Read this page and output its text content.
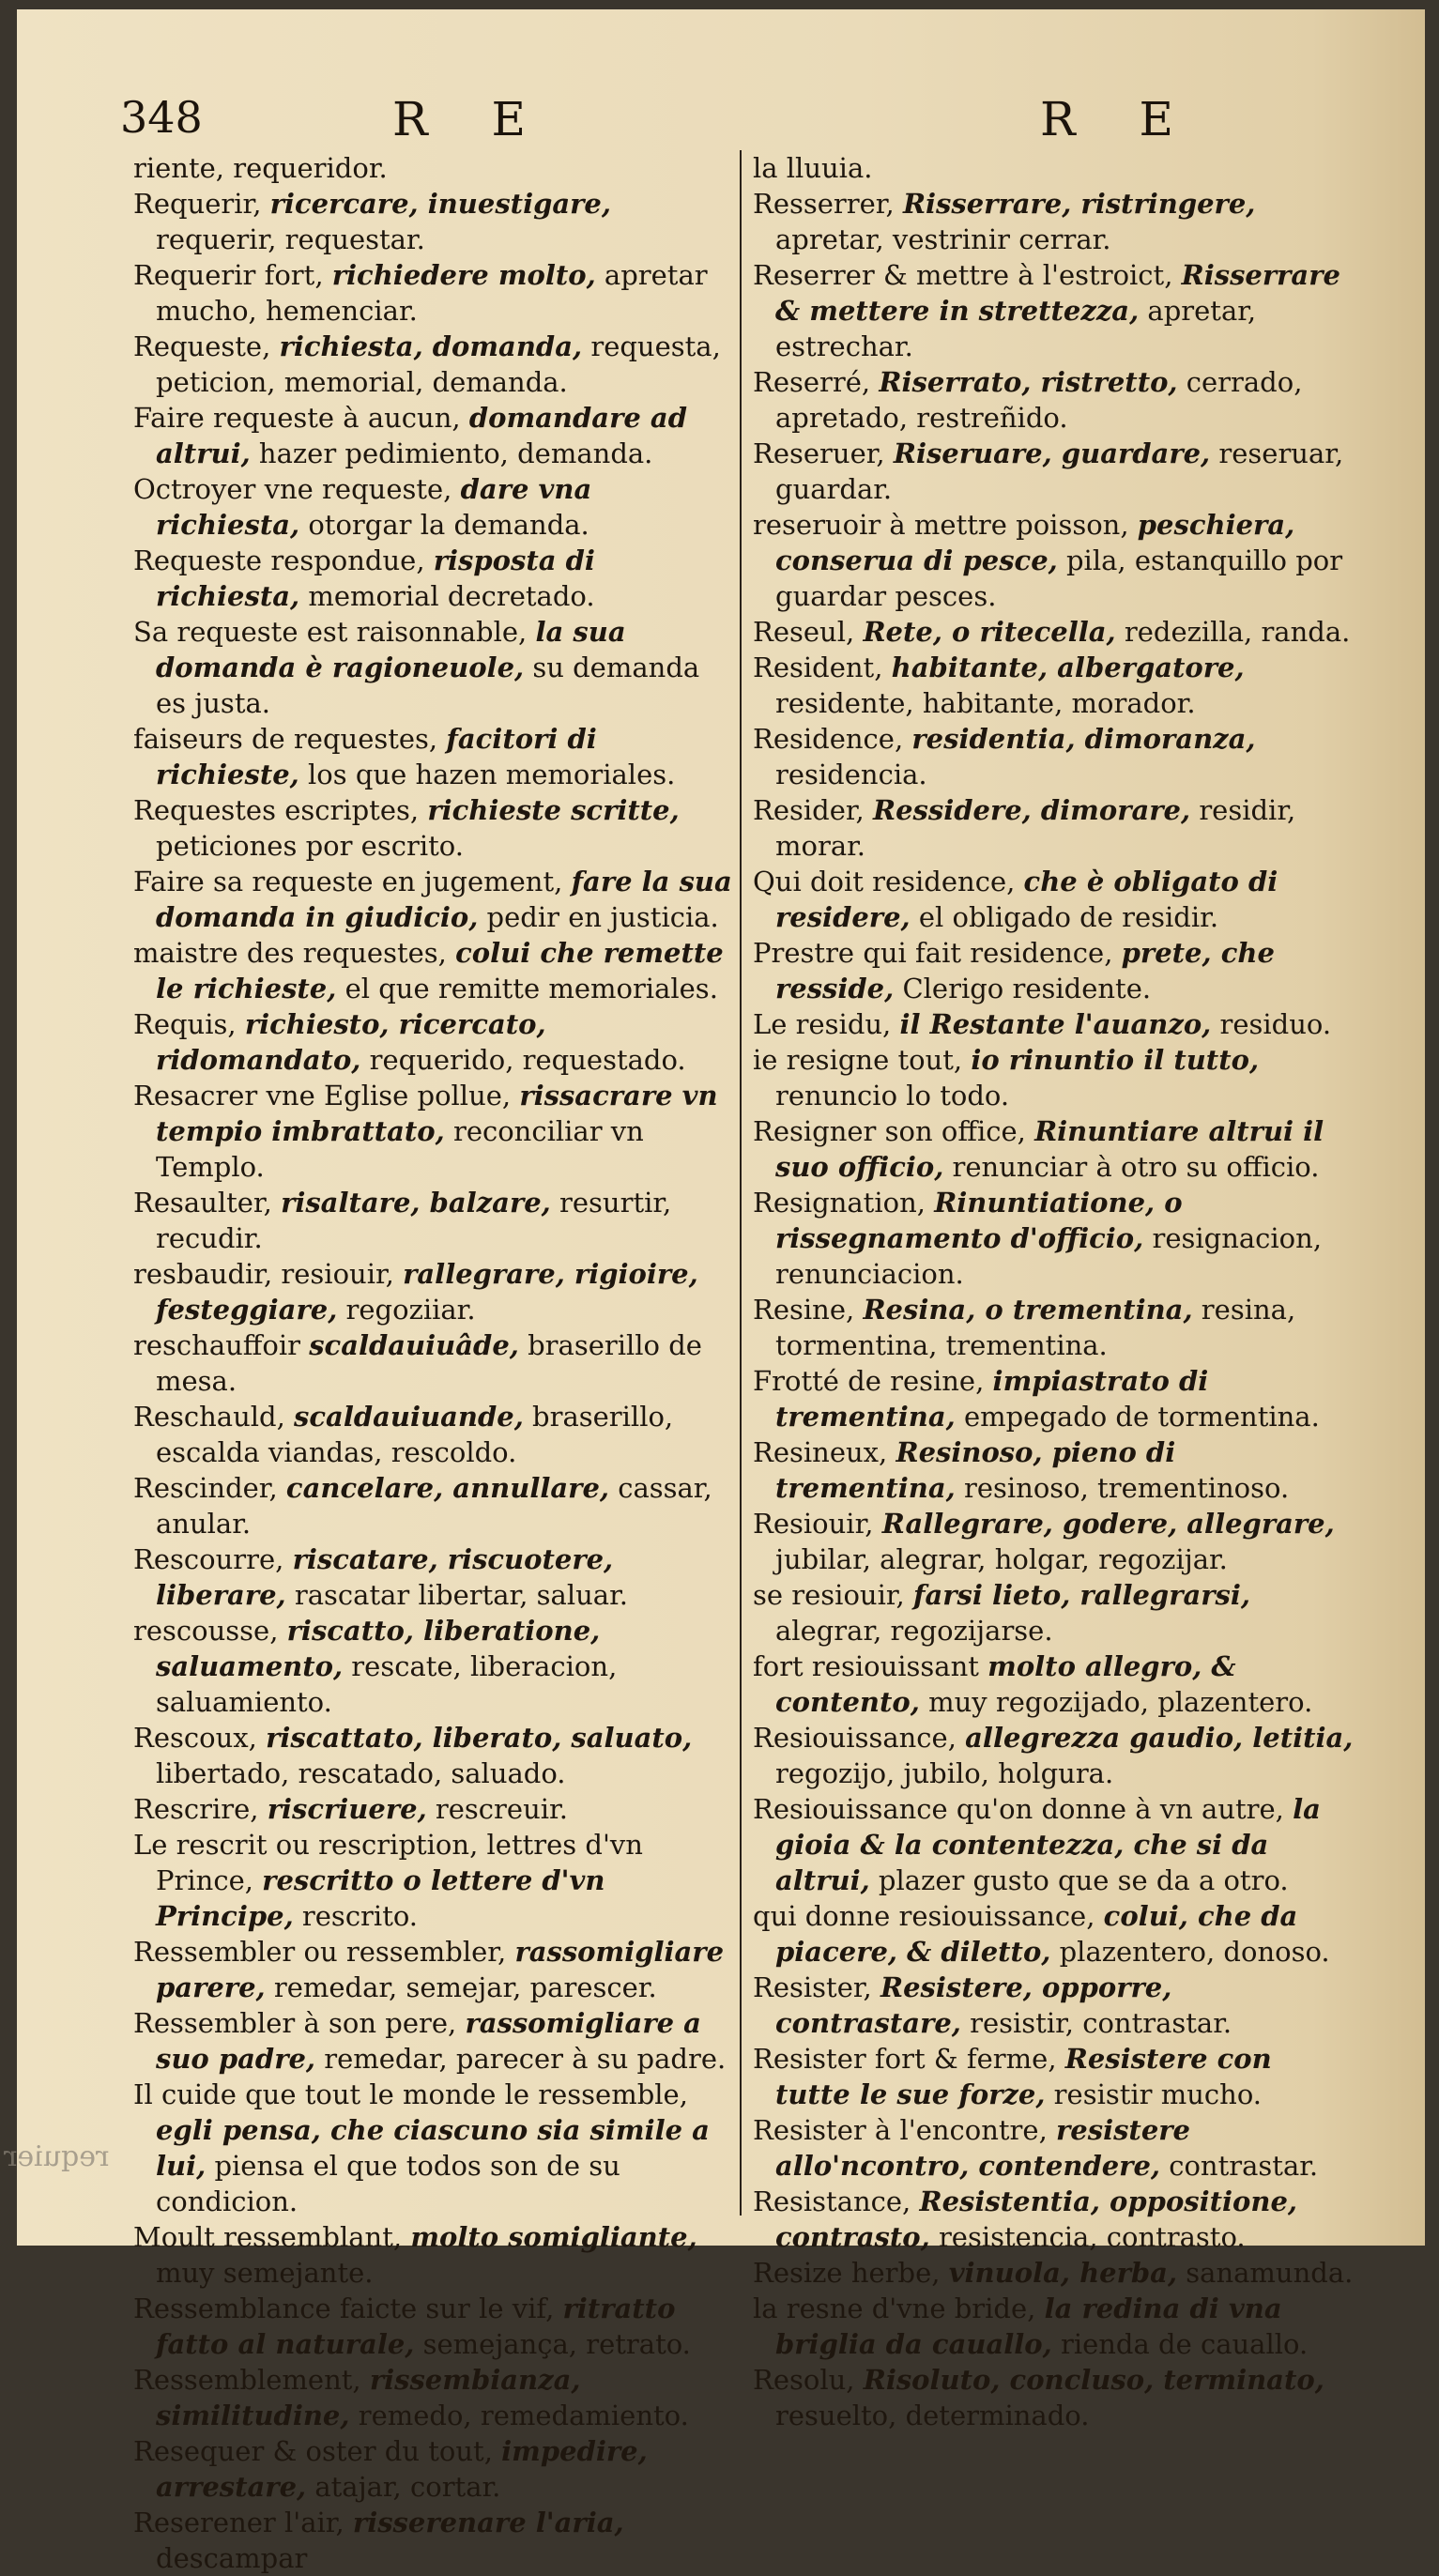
348	R E	R E

riente, requeridor.

Requerir, ricercare, inuestigare, requerir, requestar.

Requerir fort, richiedere molto, apretar mucho, hemenciar.

Requeste, richiesta, domanda, requesta, peticion, memorial, demanda.

Faire requeste à aucun, domandare ad altrui, hazer pedimiento, demanda.

Octroyer vne requeste, dare vna richiesta, otorgar la demanda.

Requeste respondue, risposta di richiesta, memorial decretado.

Sa requeste est raisonnable, la sua domanda è ragioneuole, su demanda es justa.

faiseurs de requestes, facitori di richieste, los que hazen memoriales.

Requestes escriptes, richieste scritte, peticiones por escrito.

Faire sa requeste en jugement, fare la sua domanda in giudicio, pedir en justicia.

maistre des requestes, colui che remette le richieste, el que remitte memoriales.

Requis, richiesto, ricercato, ridomandato, requerido, requestado.

Resacrer vne Eglise pollue, rissacrare vn tempio imbrattato, reconciliar vn Templo.

Resaulter, risaltare, balzare, resurtir, recudir.

resbaudir, resiouir, rallegrare, rigioire, festeggiare, regoziiar.

reschauffoir scaldauiuâde, braserillo de mesa.

Reschauld, scaldauiuande, braserillo, escalda viandas, rescoldo.

Rescinder, cancelare, annullare, cassar, anular.

Rescourre, riscatare, riscuotere, liberare, rascatar libertar, saluar.

rescousse, riscatto, liberatione, saluamento, rescate, liberacion, saluamiento.

Rescoux, riscattato, liberato, saluato, libertado, rescatado, saluado.

Rescrire, riscriuere, rescreuir.

Le rescrit ou rescription, lettres d'vn Prince, rescritto o lettere d'vn Principe, rescrito.

Ressembler ou ressembler, rassomigliare parere, remedar, semejar, parescer.

Ressembler à son pere, rassomigliare a suo padre, remedar, parecer à su padre.

Il cuide que tout le monde le ressemble, egli pensa, che ciascuno sia simile a lui, piensa el que todos son de su condicion.

Moult ressemblant, molto somigliante, muy semejante.

Ressemblance faicte sur le vif, ritratto fatto al naturale, semejança, retrato.

Ressemblement, rissembianza, similitudine, remedo, remedamiento.

Resequer & oster du tout, impedire, arrestare, atajar, cortar.

Reserener l'air, risserenare l'aria, descampar

la lluuia.

Resserrer, Risserrare, ristringere, apretar, vestrinir cerrar.

Reserrer & mettre à l'estroict, Risserrare & mettere in strettezza, apretar, estrechar.

Reserré, Riserrato, ristretto, cerrado, apretado, restreñido.

Reseruer, Riseruare, guardare, reseruar, guardar.

reseruoir à mettre poisson, peschiera, conserua di pesce, pila, estanquillo por guardar pesces.

Reseul, Rete, o ritecella, redezilla, randa.

Resident, habitante, albergatore, residente, habitante, morador.

Residence, residentia, dimoranza, residencia.

Resider, Ressidere, dimorare, residir, morar.

Qui doit residence, che è obligato di residere, el obligado de residir.

Prestre qui fait residence, prete, che resside, Clerigo residente.

Le residu, il Restante l'auanzo, residuo.

ie resigne tout, io rinuntio il tutto, renuncio lo todo.

Resigner son office, Rinuntiare altrui il suo officio, renunciar à otro su officio.

Resignation, Rinuntiatione, o rissegnamento d'officio, resignacion, renunciacion.

Resine, Resina, o trementina, resina, tormentina, trementina.

Frotté de resine, impiastrato di trementina, empegado de tormentina.

Resineux, Resinoso, pieno di trementina, resinoso, trementinoso.

Resiouir, Rallegrare, godere, allegrare, jubilar, alegrar, holgar, regozijar.

se resiouir, farsi lieto, rallegrarsi, alegrar, regozijarse.

fort resiouissant molto allegro, & contento, muy regozijado, plazentero.

Resiouissance, allegrezza gaudio, letitia, regozijo, jubilo, holgura.

Resiouissance qu'on donne à vn autre, la gioia & la contentezza, che si da altrui, plazer gusto que se da a otro.

qui donne resiouissance, colui, che da piacere, & diletto, plazentero, donoso.

Resister, Resistere, opporre, contrastare, resistir, contrastar.

Resister fort & ferme, Resistere con tutte le sue forze, resistir mucho.

Resister à l'encontre, resistere allo'ncontro, contendere, contrastar.

Resistance, Resistentia, oppositione, contrasto, resistencia, contrasto.

Resize herbe, vinuola, herba, sanamunda.

la resne d'vne bride, la redina di vna briglia da cauallo, rienda de cauallo.

Resolu, Risoluto, concluso, terminato, resuelto, determinado.

requier
